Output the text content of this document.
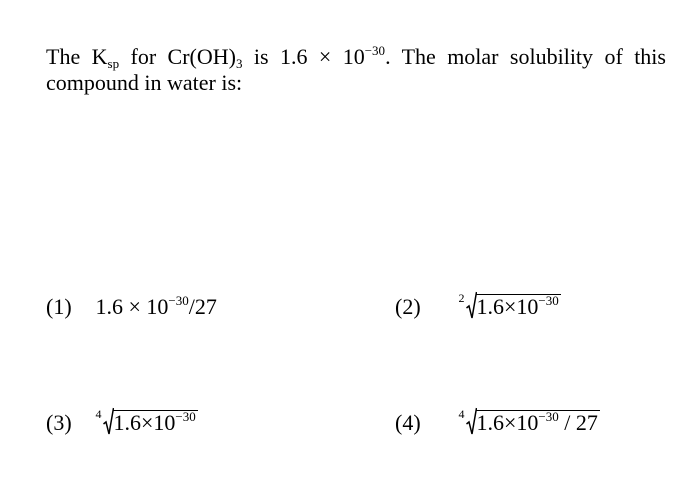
The $K_{sp}$ for $Cr(OH)_3$ is $1.6 \times 10^{-30}$. The molar solubility of this compound in water is:
(1) $1.6 \times 10^{-30}/27$	(2)	$^2$ $1.6\times 10^{-30}$
(3) $^4$ $1.6\times 10^{-30}$	(4)	$^4$ $1.6\times 10^{-30} / 27$
